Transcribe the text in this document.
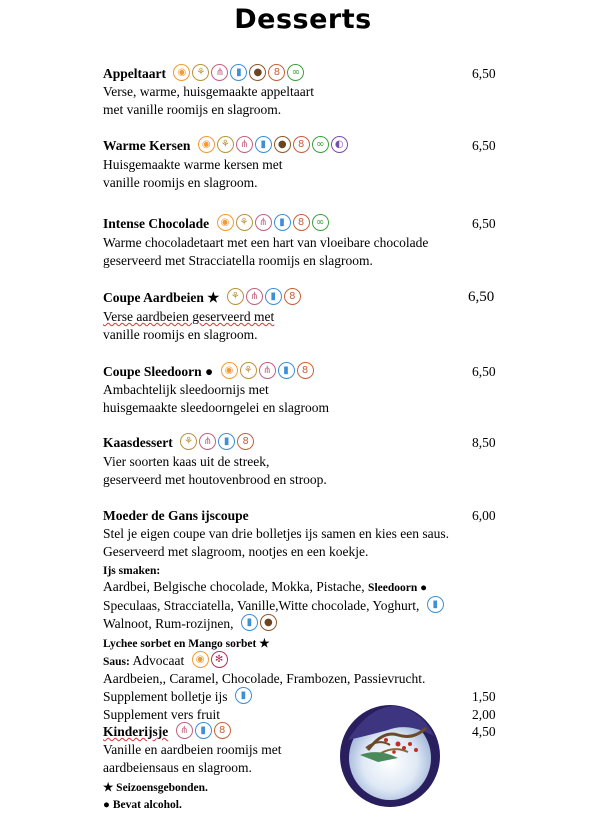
Desserts
Appeltaart	◉	⚘	⋔	▮	●	8	∞	6,50
Verse, warme, huisgemaakte appeltaart
met vanille roomijs en slagroom.
Warme Kersen	◉	⚘	⋔	▮	●	8	∞	◐	6,50
Huisgemaakte warme kersen met
vanille roomijs en slagroom.
Intense Chocolade	◉	⚘	⋔	▮	8	∞	6,50
Warme chocoladetaart met een hart van vloeibare chocolade
geserveerd met Stracciatella roomijs en slagroom.
Coupe Aardbeien ★	⚘	⋔	▮	8	6,50
Verse aardbeien geserveerd met
vanille roomijs en slagroom.
Coupe Sleedoorn ●	◉	⚘	⋔	▮	8	6,50
Ambachtelijk sleedoornijs met
huisgemaakte sleedoorngelei en slagroom
Kaasdessert	⚘	⋔	▮	8	8,50
Vier soorten kaas uit de streek,
geserveerd met houtovenbrood en stroop.
Moeder de Gans ijscoupe	6,00
Stel je eigen coupe van drie bolletjes ijs samen en kies een saus.
Geserveerd met slagroom, nootjes en een koekje.
Ijs smaken:
Aardbei, Belgische chocolade, Mokka, Pistache, Sleedoorn ●
Speculaas, Stracciatella, Vanille,Witte chocolade, Yoghurt,	▮
Walnoot, Rum-rozijnen,	▮	●
Lychee sorbet en Mango sorbet ★
Saus: Advocaat	◉	✻
Aardbeien,, Caramel, Chocolade, Frambozen, Passievrucht.
Supplement bolletje ijs	▮	1,50
Supplement vers fruit	2,00
Kinderijsje	⋔	▮	8	4,50
Vanille en aardbeien roomijs met
aardbeiensaus en slagroom.
★ Seizoensgebonden.
● Bevat alcohol.
